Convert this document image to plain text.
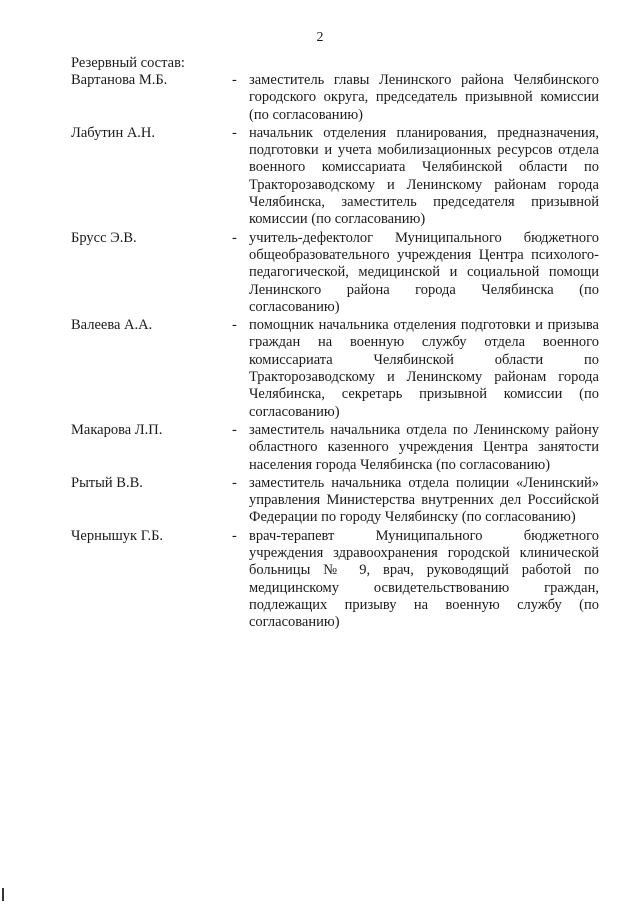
2
Резервный состав:
Вартанова М.Б.	- заместитель главы Ленинского района Челябинского городского округа, председатель призывной комиссии (по согласованию)
Лабутин А.Н.	- начальник отделения планирования, предназначения, подготовки и учета мобилизационных ресурсов отдела военного комиссариата Челябинской области по Тракторозаводскому и Ленинскому районам города Челябинска, заместитель председателя призывной комиссии (по согласованию)
Брусс Э.В.	- учитель-дефектолог Муниципального бюджетного общеобразовательного учреждения Центра психолого-педагогической, медицинской и социальной помощи Ленинского района города Челябинска (по согласованию)
Валеева А.А.	- помощник начальника отделения подготовки и призыва граждан на военную службу отдела военного комиссариата Челябинской области по Тракторозаводскому и Ленинскому районам города Челябинска, секретарь призывной комиссии (по согласованию)
Макарова Л.П.	- заместитель начальника отдела по Ленинскому району областного казенного учреждения Центра занятости населения города Челябинска (по согласованию)
Рытый В.В.	- заместитель начальника отдела полиции «Ленинский» управления Министерства внутренних дел Российской Федерации по городу Челябинску (по согласованию)
Чернышук Г.Б.	- врач-терапевт Муниципального бюджетного учреждения здравоохранения городской клинической больницы № 9, врач, руководящий работой по медицинскому освидетельствованию граждан, подлежащих призыву на военную службу (по согласованию)
